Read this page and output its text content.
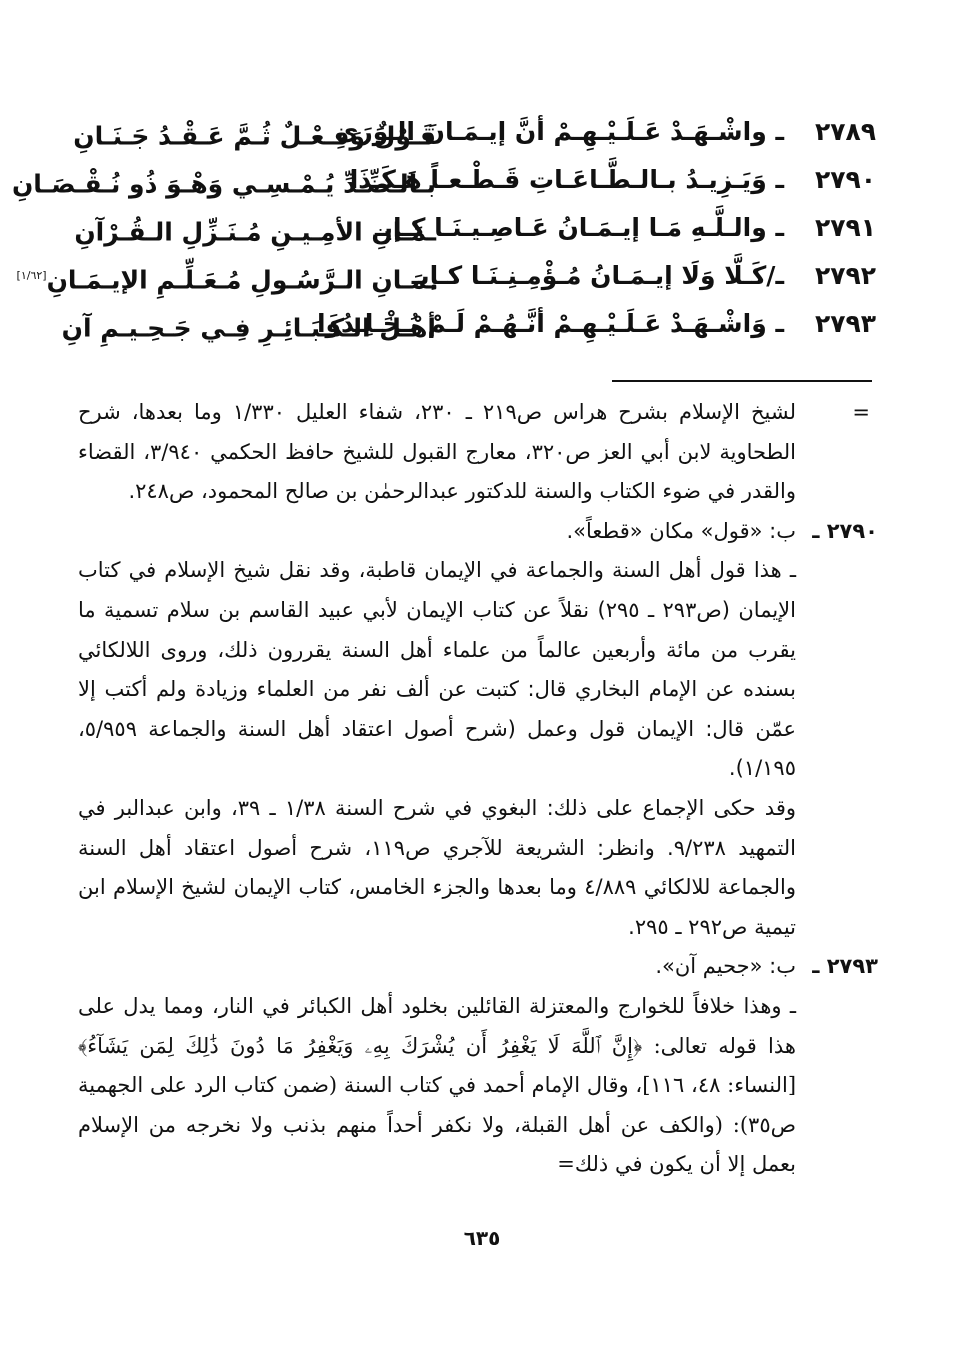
٢٧٨٩
ـ واشْـهَـدْ عَـلَـيْـهِـمْ أنَّ إيـمَـانَ الـوَرَى
قَـوْلٌ وَفِـعْـلٌ ثُـمَّ عَـقْـدُ جَـنَـانِ
٢٧٩٠
ـ وَيَـزِيـدُ بـالـطَّـاعَـاتِ قَـطْـعـاً هَـكَـذَا
بـالـضِّـدِّ يُـمْـسِـي وَهْـوَ ذُو نُـقْـصَـانِ
٢٧٩١
ـ والـلَّـهِ مَـا إيـمَـانُ عَـاصِـيـنَـا كـإيـ
ـمَـانِ الأمِـيـنِ مُـنَـزِّلِ الـقُـرْآنِ
٢٧٩٢
ـ/كَـلَّا وَلَا إيـمَـانُ مُـؤْمِـنِـنَـا كـإيـ
ـمَـانِ الـرَّسُـولِ مُـعَـلِّـمِ الإيـمَـانِ[١/٦٢]
٢٧٩٣
ـ وَاشْـهَـدْ عَـلَـيْـهِـمْ أنَّـهُـمْ لَـمْ يُـخْـلِـدُوا
أهْـلَ الـكَـبَـائِـرِ فِـي جَـحِـيـمِ آنِ
=

لشيخ الإسلام بشرح هراس ص٢١٩ ـ ٢٣٠، شفاء العليل ١/٣٣٠ وما بعدها، شرح الطحاوية لابن أبي العز ص٣٢٠، معارج القبول للشيخ حافظ الحكمي ٣/٩٤٠، القضاء والقدر في ضوء الكتاب والسنة للدكتور عبدالرحمٰن بن صالح المحمود، ص٢٤٨.

٢٧٩٠ ـ

ب: «قول» مكان «قطعاً».

ـ هذا قول أهل السنة والجماعة في الإيمان قاطبة، وقد نقل شيخ الإسلام في كتاب الإيمان (ص٢٩٣ ـ ٢٩٥) نقلاً عن كتاب الإيمان لأبي عبيد القاسم بن سلام تسمية ما يقرب من مائة وأربعين عالماً من علماء أهل السنة يقررون ذلك، وروى اللالكائي بسنده عن الإمام البخاري قال: كتبت عن ألف نفر من العلماء وزيادة ولم أكتب إلا عمّن قال: الإيمان قول وعمل (شرح أصول اعتقاد أهل السنة والجماعة ٥/٩٥٩، ١/١٩٥).

وقد حكى الإجماع على ذلك: البغوي في شرح السنة ١/٣٨ ـ ٣٩، وابن عبدالبر في التمهيد ٩/٢٣٨. وانظر: الشريعة للآجري ص١١٩، شرح أصول اعتقاد أهل السنة والجماعة للالكائي ٤/٨٨٩ وما بعدها والجزء الخامس، كتاب الإيمان لشيخ الإسلام ابن تيمية ص٢٩٢ ـ ٢٩٥.

٢٧٩٣ ـ

ب: «جحيم آن».

ـ وهذا خلافاً للخوارج والمعتزلة القائلين بخلود أهل الكبائر في النار، ومما يدل على هذا قوله تعالى: ﴿إِنَّ ٱللَّهَ لَا يَغْفِرُ أَن يُشْرَكَ بِهِۦ وَيَغْفِرُ مَا دُونَ ذَٰلِكَ لِمَن يَشَآءُ﴾ [النساء: ٤٨، ١١٦]، وقال الإمام أحمد في كتاب السنة (ضمن كتاب الرد على الجهمية ص٣٥): (والكف عن أهل القبلة، ولا نكفر أحداً منهم بذنب ولا نخرجه من الإسلام بعمل إلا أن يكون في ذلك=

٦٣٥
